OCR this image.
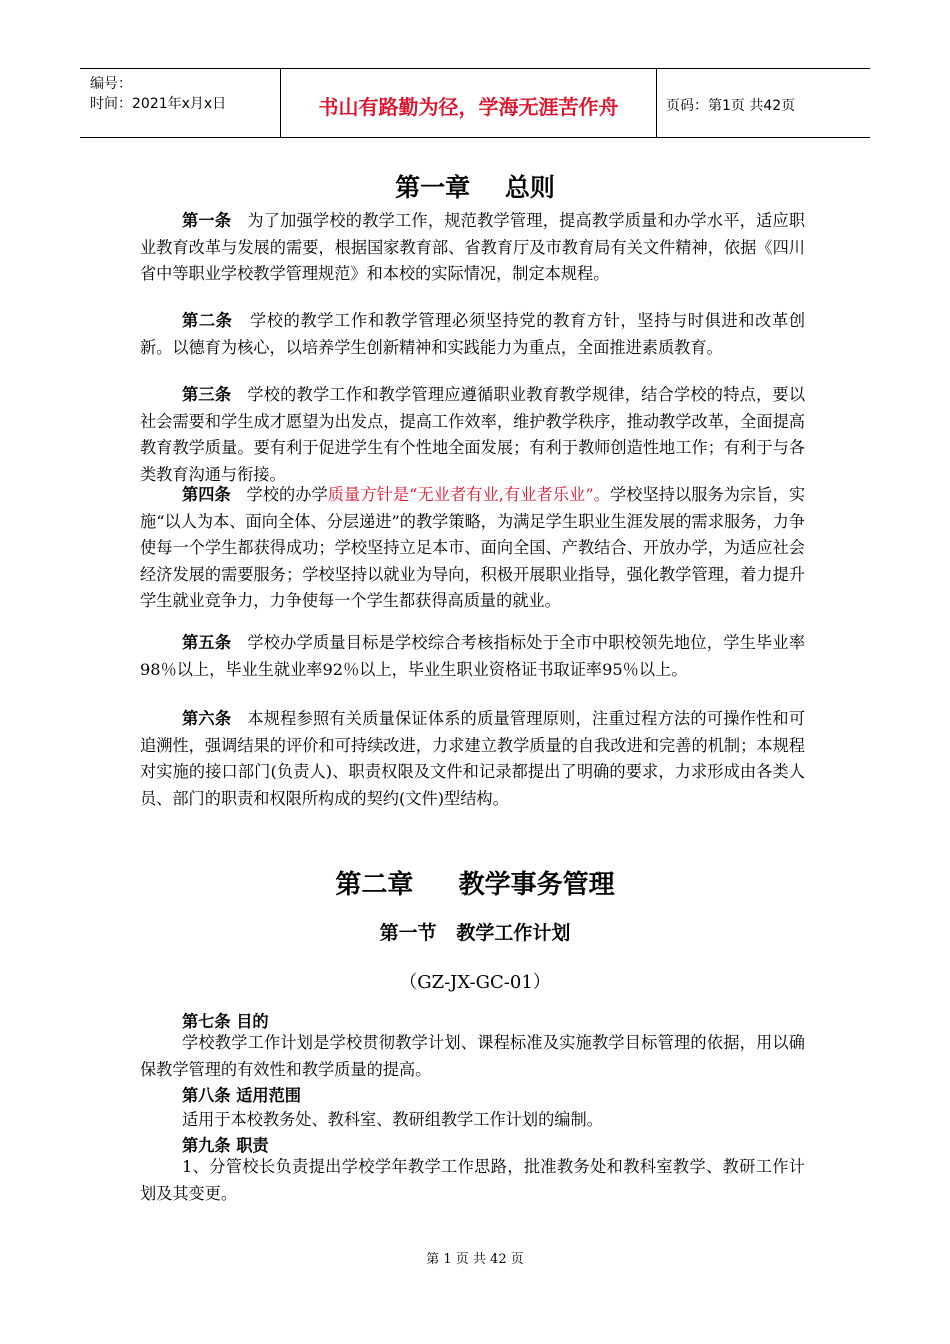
编号：
时间：2021年x月x日	书山有路勤为径，学海无涯苦作舟	页码：第1页 共42页
第一章    总则
第一条 为了加强学校的教学工作，规范教学管理，提高教学质量和办学水平，适应职业教育改革与发展的需要，根据国家教育部、省教育厅及市教育局有关文件精神，依据《四川省中等职业学校教学管理规范》和本校的实际情况，制定本规程。
第二条 学校的教学工作和教学管理必须坚持党的教育方针，坚持与时俱进和改革创新。以德育为核心，以培养学生创新精神和实践能力为重点，全面推进素质教育。
第三条 学校的教学工作和教学管理应遵循职业教育教学规律，结合学校的特点，要以社会需要和学生成才愿望为出发点，提高工作效率，维护教学秩序，推动教学改革，全面提高教育教学质量。要有利于促进学生有个性地全面发展；有利于教师创造性地工作；有利于与各类教育沟通与衔接。
第四条 学校的办学质量方针是“无业者有业,有业者乐业”。学校坚持以服务为宗旨，实施“以人为本、面向全体、分层递进”的教学策略，为满足学生职业生涯发展的需求服务，力争使每一个学生都获得成功；学校坚持立足本市、面向全国、产教结合、开放办学，为适应社会经济发展的需要服务；学校坚持以就业为导向，积极开展职业指导，强化教学管理，着力提升学生就业竞争力，力争使每一个学生都获得高质量的就业。
第五条 学校办学质量目标是学校综合考核指标处于全市中职校领先地位，学生毕业率98％以上，毕业生就业率92％以上，毕业生职业资格证书取证率95％以上。
第六条 本规程参照有关质量保证体系的质量管理原则，注重过程方法的可操作性和可追溯性，强调结果的评价和可持续改进，力求建立教学质量的自我改进和完善的机制；本规程对实施的接口部门(负责人)、职责权限及文件和记录都提出了明确的要求，力求形成由各类人员、部门的职责和权限所构成的契约(文件)型结构。
第二章     教学事务管理
第一节   教学工作计划
（GZ-JX-GC-01）
第七条 目的
学校教学工作计划是学校贯彻教学计划、课程标准及实施教学目标管理的依据，用以确保教学管理的有效性和教学质量的提高。
第八条 适用范围
适用于本校教务处、教科室、教研组教学工作计划的编制。
第九条 职责
1、分管校长负责提出学校学年教学工作思路，批准教务处和教科室教学、教研工作计划及其变更。
第 1 页 共 42 页
